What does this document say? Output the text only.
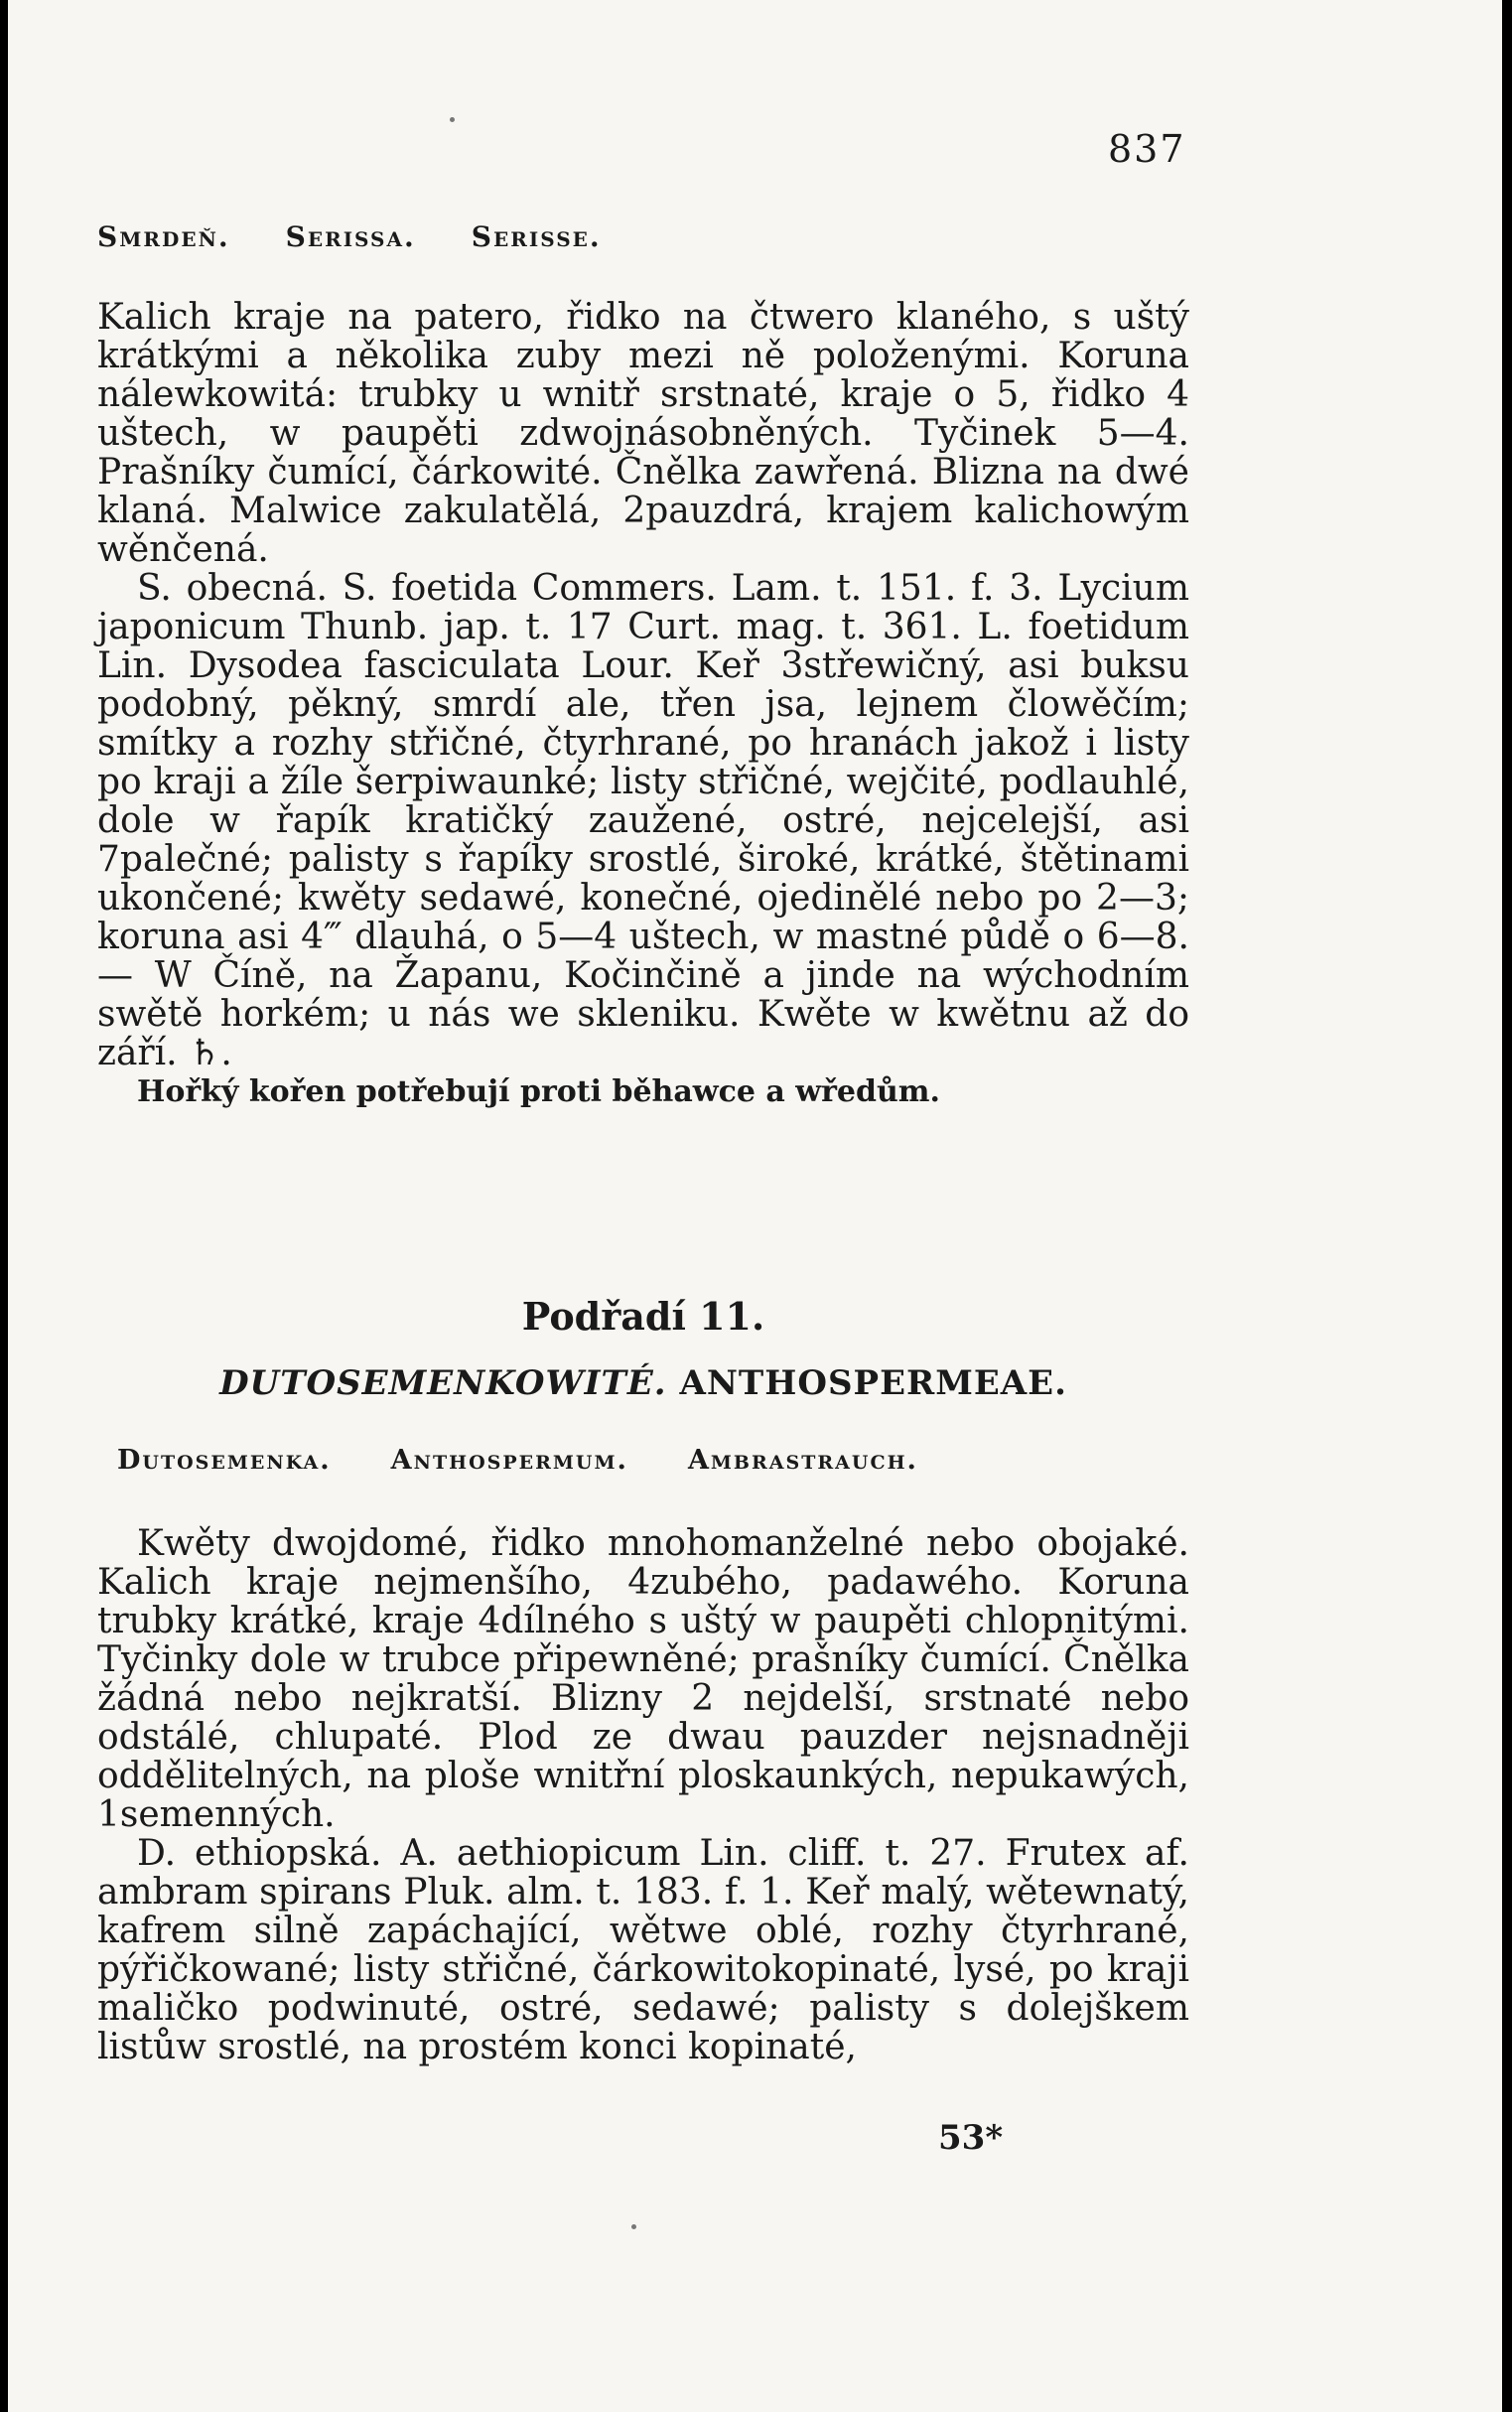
837
Smrdeň. Serissa. Serisse.

Kalich kraje na patero, řidko na čtwero klaného, s uštý krátkými a několika zuby mezi ně položenými. Koruna nálewkowitá: trubky u wnitř srstnaté, kraje o 5, řidko 4 uštech, w paupěti zdwojnásobněných. Tyčinek 5—4. Prašníky čumící, čárkowité. Čnělka zawřená. Blizna na dwé klaná. Malwice zakulatělá, 2pauzdrá, krajem kalichowým wěnčená.

S. obecná. S. foetida Commers. Lam. t. 151. f. 3. Lycium japonicum Thunb. jap. t. 17 Curt. mag. t. 361. L. foetidum Lin. Dysodea fasciculata Lour. Keř 3střewičný, asi buksu podobný, pěkný, smrdí ale, třen jsa, lejnem člowěčím; smítky a rozhy střičné, čtyrhrané, po hranách jakož i listy po kraji a žíle šerpiwaunké; listy střičné, wejčité, podlauhlé, dole w řapík kratičký zaužené, ostré, nejcelejší, asi 7palečné; palisty s řapíky srostlé, široké, krátké, štětinami ukončené; kwěty sedawé, konečné, ojedinělé nebo po 2—3; koruna asi 4‴ dlauhá, o 5—4 uštech, w mastné půdě o 6—8. — W Číně, na Žapanu, Kočinčině a jinde na wýchodním swětě horkém; u nás we skleniku. Kwěte w kwětnu až do září. ♄.

Hořký kořen potřebují proti běhawce a wředům.

Podřadí 11.
DUTOSEMENKOWITÉ. ANTHOSPERMEAE.
Dutosemenka. Anthospermum. Ambrastrauch.

Kwěty dwojdomé, řidko mnohomanželné nebo obojaké. Kalich kraje nejmenšího, 4zubého, padawého. Koruna trubky krátké, kraje 4dílného s uštý w paupěti chlopnitými. Tyčinky dole w trubce připewněné; prašníky čumící. Čnělka žádná nebo nejkratší. Blizny 2 nejdelší, srstnaté nebo odstálé, chlupaté. Plod ze dwau pauzder nejsnadněji oddělitelných, na ploše wnitřní ploskaunkých, nepukawých, 1semenných.

D. ethiopská. A. aethiopicum Lin. cliff. t. 27. Frutex af. ambram spirans Pluk. alm. t. 183. f. 1. Keř malý, wětewnatý, kafrem silně zapáchající, wětwe oblé, rozhy čtyrhrané, pýřičkowané; listy střičné, čárkowitokopinaté, lysé, po kraji maličko podwinuté, ostré, sedawé; palisty s dolejškem listůw srostlé, na prostém konci kopinaté,

53*
